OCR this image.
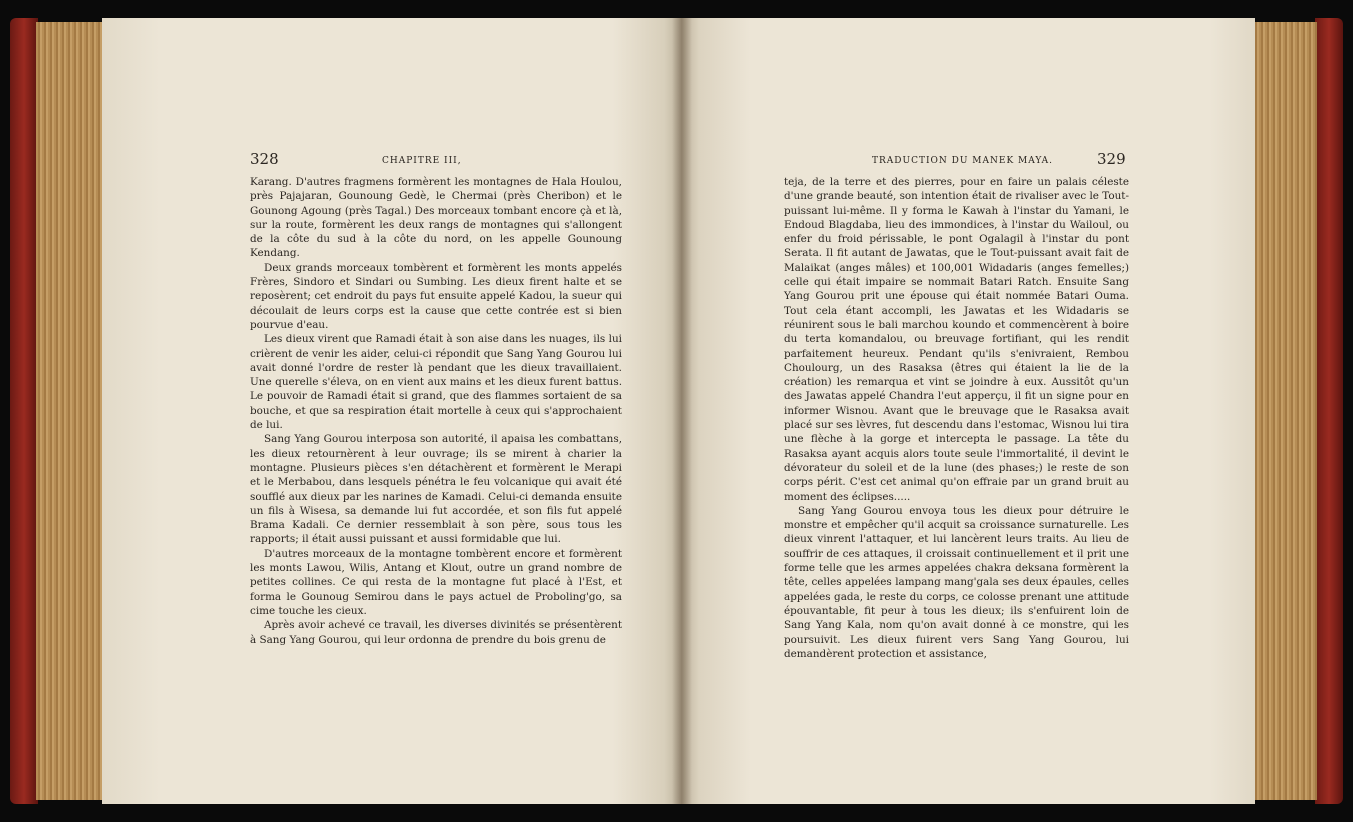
328	CHAPITRE III,

Karang. D'autres fragmens formèrent les montagnes de Hala Houlou, près Pajajaran, Gounoung Gedè, le Chermai (près Cheribon) et le Gounong Agoung (près Tagal.) Des morceaux tombant encore çà et là, sur la route, formèrent les deux rangs de montagnes qui s'allongent de la côte du sud à la côte du nord, on les appelle Gounoung Kendang.

Deux grands morceaux tombèrent et formèrent les monts appelés Frères, Sindoro et Sindari ou Sumbing. Les dieux firent halte et se reposèrent; cet endroit du pays fut ensuite appelé Kadou, la sueur qui découlait de leurs corps est la cause que cette contrée est si bien pourvue d'eau.

Les dieux virent que Ramadi était à son aise dans les nuages, ils lui crièrent de venir les aider, celui-ci répondit que Sang Yang Gourou lui avait donné l'ordre de rester là pendant que les dieux travaillaient. Une querelle s'éleva, on en vient aux mains et les dieux furent battus. Le pouvoir de Ramadi était si grand, que des flammes sortaient de sa bouche, et que sa respiration était mortelle à ceux qui s'approchaient de lui.

Sang Yang Gourou interposa son autorité, il apaisa les combattans, les dieux retournèrent à leur ouvrage; ils se mirent à charier la montagne. Plusieurs pièces s'en détachèrent et formèrent le Merapi et le Merbabou, dans lesquels pénétra le feu volcanique qui avait été soufflé aux dieux par les narines de Kamadi. Celui-ci demanda ensuite un fils à Wisesa, sa demande lui fut accordée, et son fils fut appelé Brama Kadali. Ce dernier ressemblait à son père, sous tous les rapports; il était aussi puissant et aussi formidable que lui.

D'autres morceaux de la montagne tombèrent encore et formèrent les monts Lawou, Wilis, Antang et Klout, outre un grand nombre de petites collines. Ce qui resta de la montagne fut placé à l'Est, et forma le Gounoug Semirou dans le pays actuel de Proboling'go, sa cime touche les cieux.

Après avoir achevé ce travail, les diverses divinités se présentèrent à Sang Yang Gourou, qui leur ordonna de prendre du bois grenu de

TRADUCTION DU MANEK MAYA.	329

teja, de la terre et des pierres, pour en faire un palais céleste d'une grande beauté, son intention était de rivaliser avec le Tout-puissant lui-même. Il y forma le Kawah à l'instar du Yamani, le Endoud Blagdaba, lieu des immondices, à l'instar du Wailoul, ou enfer du froid périssable, le pont Ogalagil à l'instar du pont Serata. Il fit autant de Jawatas, que le Tout-puissant avait fait de Malaikat (anges mâles) et 100,001 Widadaris (anges femelles;) celle qui était impaire se nommait Batari Ratch. Ensuite Sang Yang Gourou prit une épouse qui était nommée Batari Ouma. Tout cela étant accompli, les Jawatas et les Widadaris se réunirent sous le bali marchou koundo et commencèrent à boire du terta komandalou, ou breuvage fortifiant, qui les rendit parfaitement heureux. Pendant qu'ils s'enivraient, Rembou Choulourg, un des Rasaksa (êtres qui étaient la lie de la création) les remarqua et vint se joindre à eux. Aussitôt qu'un des Jawatas appelé Chandra l'eut apperçu, il fit un signe pour en informer Wisnou. Avant que le breuvage que le Rasaksa avait placé sur ses lèvres, fut descendu dans l'estomac, Wisnou lui tira une flèche à la gorge et intercepta le passage. La tête du Rasaksa ayant acquis alors toute seule l'immortalité, il devint le dévorateur du soleil et de la lune (des phases;) le reste de son corps périt. C'est cet animal qu'on effraie par un grand bruit au moment des éclipses.....

Sang Yang Gourou envoya tous les dieux pour détruire le monstre et empêcher qu'il acquit sa croissance surnaturelle. Les dieux vinrent l'attaquer, et lui lancèrent leurs traits. Au lieu de souffrir de ces attaques, il croissait continuellement et il prit une forme telle que les armes appelées chakra deksana formèrent la tête, celles appelées lampang mang'gala ses deux épaules, celles appelées gada, le reste du corps, ce colosse prenant une attitude épouvantable, fit peur à tous les dieux; ils s'enfuirent loin de Sang Yang Kala, nom qu'on avait donné à ce monstre, qui les poursuivit. Les dieux fuirent vers Sang Yang Gourou, lui demandèrent protection et assistance,
